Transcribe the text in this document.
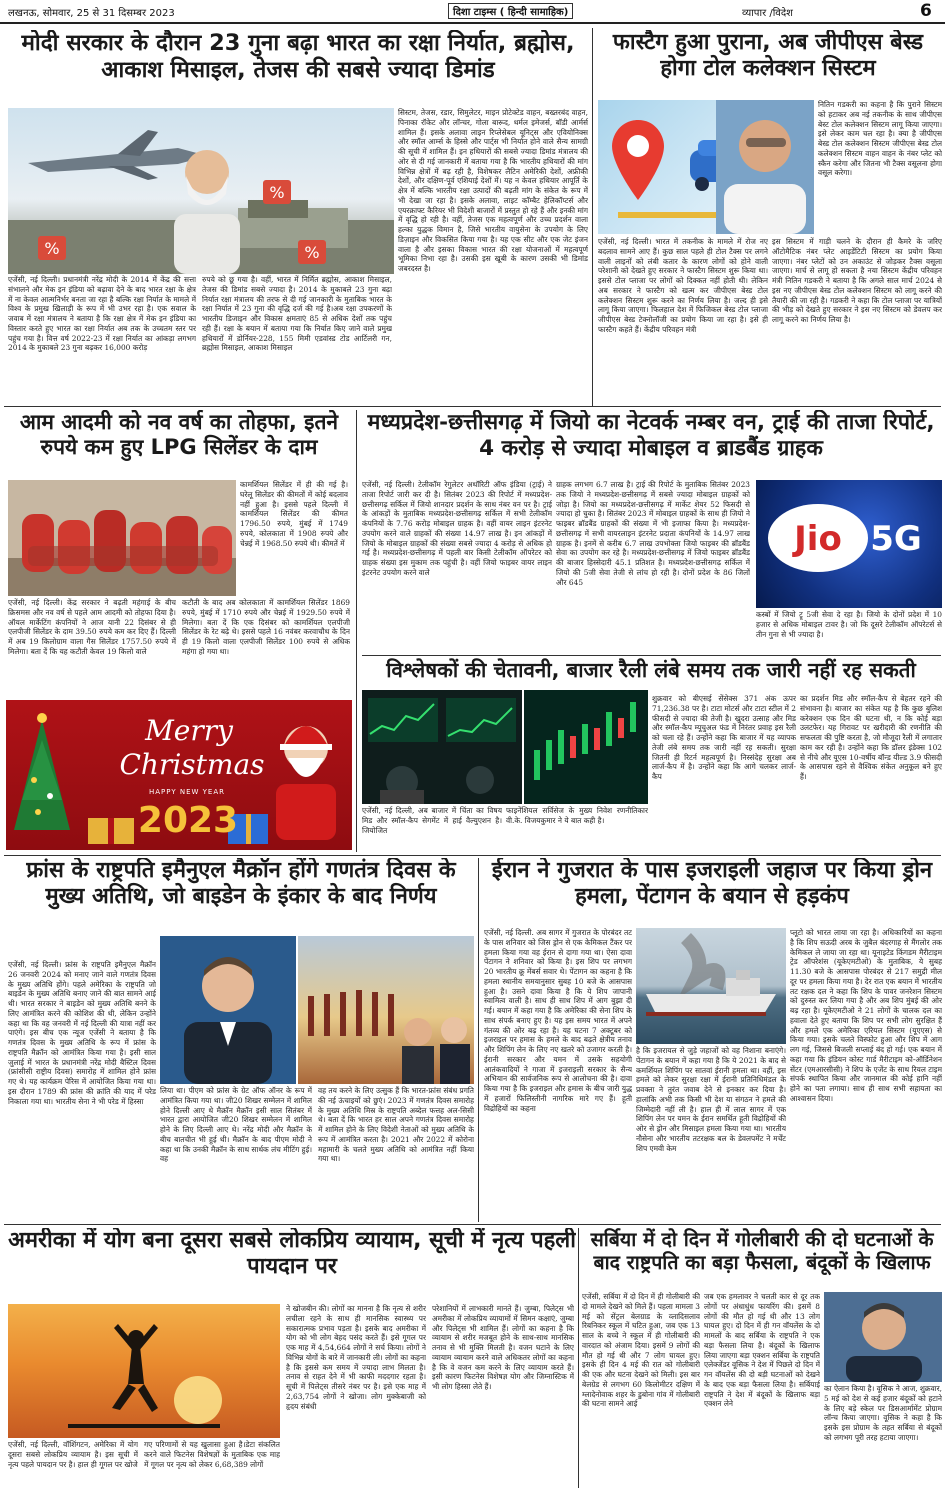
लखनऊ, सोमवार, 25 से 31 दिसम्बर 2023	दिशा टाइम्स ( हिन्दी सामाहिक)	व्यापार /विदेश	6
मोदी सरकार के दौरान 23 गुना बढ़ा भारत का रक्षा निर्यात, ब्रह्मोस, आकाश मिसाइल, तेजस की सबसे ज्यादा डिमांड
%	%
%
एजेंसी, नई दिल्ली। प्रधानमंत्री नरेंद्र मोदी के 2014 में केंद्र की सत्ता संभालने और मेक इन इंडिया को बढ़ावा देने के बाद भारत रक्षा के क्षेत्र में ना केवल आत्मनिर्भर बनता जा रहा है बल्कि रक्षा निर्यात के मामले में विश्व के प्रमुख खिलाड़ी के रूप में भी उभर रहा है। एक सवाल के जवाब में रक्षा मंत्रालय ने बताया है कि रक्षा क्षेत्र में मेक इन इंडिया का विस्तार करते हुए भारत का रक्षा निर्यात अब तक के उच्चतम स्तर पर पहुंच गया है। वित्त वर्ष 2022-23 में रक्षा निर्यात का आंकड़ा लगभग 2014 के मुकाबले 23 गुना बढ़कर 16,000 करोड़
रुपये को छू गया है। वहीं, भारत में निर्मित ब्रह्मोस, आकाश मिसाइल, तेजस की डिमांड सबसे ज्यादा है। 2014 के मुकाबले 23 गुना बढ़ा निर्यात रक्षा मंत्रालय की तरफ से दी गई जानकारी के मुताबिक भारत के रक्षा निर्यात में 23 गुना की वृद्धि दर्ज की गई है।अब रक्षा उपकरणों के भारतीय डिजाइन और विकास क्षमताएं 85 से अधिक देशों तक पहुंच रही हैं। रक्षा के बयान में बताया गया कि निर्यात किए जाने वाले प्रमुख हथियारों में डोर्नियर-228, 155 मिमी एडवांस्ड टोड आर्टिलरी गन, ब्रह्मोस मिसाइल, आकाश मिसाइल
सिस्टम, तेजस, रडार, सिमुलेटर, माइन प्रोटेक्टेड वाहन, बख्तरबंद वाहन, पिनाका रॉकेट और लॉन्चर, गोला बारूद, थर्मल इमेजर्स, बॉडी आर्मर्स शामिल हैं। इसके अलावा लाइन रिप्लेसेबल यूनिट्स और एवियोनिक्स और स्मॉल आर्म्स के हिस्से और पार्ट्स भी निर्यात होने वाले सैन्य सामग्री की सूची में शामिल हैं। इन हथियारों की सबसे ज्यादा डिमांड मंत्रालय की ओर से दी गई जानकारी में बताया गया है कि भारतीय हथियारों की मांग विभिन्न क्षेत्रों में बढ़ रही है, विशेषकर लैटिन अमेरिकी देशों, अफ्रीकी देशों, और दक्षिण-पूर्व एशियाई देशों में। यह न केवल हथियार आपूर्ति के क्षेत्र में बल्कि भारतीय रक्षा उत्पादों की बढ़ती मांग के संकेत के रूप में भी देखा जा रहा है। इसके अलावा, लाइट कॉम्बैट हेलिकॉप्टर्स और एयरक्राफ्ट कैरियर भी विदेशी बाजारों में प्रस्तुत हो रहे हैं और इनकी मांग में वृद्धि हो रही है। वहीं, तेजस एक महत्वपूर्ण और उच्च प्रदर्शन वाला हल्का युद्धक विमान है, जिसे भारतीय वायुसेना के उपयोग के लिए डिज़ाइन और विकसित किया गया है। यह एक सीट और एक जेट इंजन वाला है और इसका विकास भारत की रक्षा योजनाओं में महत्वपूर्ण भूमिका निभा रहा है। उसकी इस खूबी के कारण उसकी भी डिमांड जबरदस्त है।
फास्टैग हुआ पुराना, अब जीपीएस बेस्ड होगा टोल कलेक्शन सिस्टम
नितिन गडकरी का कहना है कि पुराने सिस्टम को हटाकर अब नई तकनीक के साथ जीपीएस बेस्ट टोल कलेक्शन सिस्टम लागू किया जाएगा। इसे लेकर काम चल रहा है। क्या है जीपीएस बेस्ड टोल कलेक्शन सिस्टम जीपीएस बेस्ड टोल कलेक्शन सिस्टम वाहन वाहन के नंबर प्लेट को स्कैन करेगा और जितना भी टैक्स वसूलना होगा वसूल करेगा।
एजेंसी, नई दिल्ली। भारत में तकनीक के मामले में रोज नए बदलाव सामने आए हैं। कुछ साल पहले ही टोल टैक्स पर लगने वाली लाइनों को लंबी कतार के कारण लोगों को होने वाली परेशानी को देखते हुए सरकार ने फास्टैग सिस्टम शुरू किया था। इससे टोल प्लाजा पर लोगों को दिक्कत नहीं होती थी। लेकिन अब सरकार ने फास्टैग को खत्म कर जीपीएस बेस्ड टोल कलेक्शन सिस्टम शुरू करने का निर्णय लिया है। जल्द ही इसे लागू किया जाएगा। फिलहाल देश में फिजिकल बेस्ड टोल प्लाजा जीपीएस बेस्ड टेक्नोलॉजी का प्रयोग किया जा रहा है। इसे ही फास्टैग कहते हैं। केंद्रीय परिवहन मंत्री
इस सिस्टम में गाड़ी चलने के दौरान ही कैमरे के जरिए ऑटोमैटिक नंबर प्लेट आइडेंटिटी सिस्टम का प्रयोग किया जाएगा। नंबर प्लेटों को उन अकाउंट से जोड़कर टैक्स वसूला जाएगा। मार्च से लागू हो सकता है नया सिस्टम केंद्रीय परिवहन मंत्री नितिन गडकरी ने बताया है कि अगले साल मार्च 2024 से इस नए जीपीएस बेस्ड टोल कलेक्शन सिस्टम को लागू करने की तैयारी की जा रही है। गडकरी ने कहा कि टोल प्लाजा पर यात्रियों की भीड़ को देखते हुए सरकार ने इस नए सिस्टम को डेवलप कर लागू करने का निर्णय लिया है।
आम आदमी को नव वर्ष का तोहफा, इतने रुपये कम हुए LPG सिलेंडर के दाम
कामर्शियल सिलेंडर में ही की गई है। घरेलू सिलेंडर की कीमतों में कोई बदलाव नहीं हुआ है। इससे पहले दिल्ली में कामर्शियल सिलेंडर की कीमत 1796.50 रुपये, मुंबई में 1749 रुपये, कोलकाता में 1908 रुपये और चेन्नई में 1968.50 रुपये थी। कीमतें में
एजेंसी, नई दिल्ली। केंद्र सरकार ने बढ़ती महंगाई के बीच क्रिसमस और नव वर्ष से पहले आम आदमी को तोहफा दिया है। ऑयल मार्केटिंग कंपनियों ने आज यानी 22 दिसंबर से ही एलपीजी सिलेंडर के दाम 39.50 रुपये कम कर दिए हैं। दिल्ली में अब 19 किलोग्राम वाला गैस सिलेंडर 1757.50 रुपये में मिलेगा। बता दें कि यह कटौती केवल 19 किलो वाले
कटौती के बाद अब कोलकाता में कामर्शियल सिलेंडर 1869 रुपये, मुंबई में 1710 रुपये और चेन्नई में 1929.50 रुपये में मिलेगा। बता दें कि एक दिसंबर को कामर्शियल एलपीजी सिलेंडर के रेट बढ़े थे। इससे पहले 16 नवंबर करवाचौथ के दिन ही 19 किलो वाला एलपीजी सिलेंडर 100 रुपये से अधिक महंगा हो गया था।
मध्यप्रदेश-छत्तीसगढ़ में जियो का नेटवर्क नम्बर वन, ट्राई की ताजा रिपोर्ट, 4 करोड़ से ज्यादा मोबाइल व ब्राडबैंड ग्राहक
एजेंसी, नई दिल्ली। टेलीकॉम रेगुलेटर अथॉरिटी ऑफ इंडिया (ट्राई) ने ताजा रिपोर्ट जारी कर दी है। सितंबर 2023 की रिपोर्ट में मध्यप्रदेश-छत्तीसगढ़ सर्किल में जियो शानदार प्रदर्शन के साथ नंबर वन पर है। ट्राई के आंकड़ों के मुताबिक मध्यप्रदेश-छत्तीसगढ़ सर्किल में सभी टेलीकॉम कंपनियों के 7.76 करोड़ मोबाइल ग्राहक है। वहीं वायर लाइन इंटरनेट उपयोग करने वाले ग्राहकों की संख्या 14.97 लाख है। इन आंकड़ों में जियो के मोबाइल ग्राहकों की संख्या सबसे ज्यादा 4 करोड़ से अधिक हो गई है। मध्यप्रदेश-छत्तीसगढ़ में पहली बार किसी टेलीकॉम ऑपरेटर को ग्राहक संख्या इस मुकाम तक पहुंची है। वहीं जियो फाइबर वायर लाइन इंटरनेट उपयोग करने वाले
ग्राहक लगभग 6.7 लाख है। ट्राई की रिपोर्ट के मुताबिक सितंबर 2023 तक जियो ने मध्यप्रदेश-छत्तीसगढ़ में सबसे ज्यादा मोबाइल ग्राहकों को जोड़ा है। जियो का मध्यप्रदेश-छत्तीसगढ़ में मार्केट शेयर 52 फिसदी से ज्यादा हो चुका है। सितंबर 2023 में मोबाइल ग्राहकों के साथ ही जियो ने फाइबर ब्रॉडबैंड ग्राहकों की संख्या में भी इजाफा किया है। मध्यप्रदेश-छत्तीसगढ़ में सभी वायरलाइन इंटरनेट प्रदाता कंपनियों के 14.97 लाख ग्राहक है। इनमें से करीब 6.7 लाख उपभोक्ता जियो फाइबर की ब्रॉडबैंड सेवा का उपयोग कर रहे है। मध्यप्रदेश-छत्तीसगढ़ में जियो फाइबर ब्रॉडबैंड की बाजार हिस्सेदारी 45.1 प्रतिशत है। मध्यप्रदेश-छत्तीसगढ़ सर्किल में जियो की 5जी सेवा तेजी से लांच हो रही है। दोनों प्रदेश के 86 जिलों और 645
Jio 5G
कस्बों में जियो ट्रू 5जी सेवा दे रहा है। जियो के दोनों प्रदेश में 10 हजार से अधिक मोबाइल टावर है। जो कि दूसरे टेलीकॉम ऑपरेटर्स से तीन गुना से भी ज्यादा है।
विश्लेषकों की चेतावनी, बाजार रैली लंबे समय तक जारी नहीं रह सकती
शुक्रवार को बीएसई सेंसेक्स 371 अंक ऊपर 71,236.38 पर है। टाटा मोटर्स और टाटा स्टील में 2 फीसदी से ज्यादा की तेजी है। खुदरा उत्साह और मिड और स्मॉल-कैप म्यूचुअल फंड में निरंतर प्रवाह इस रैली को चला रहे हैं। उन्होंने कहा कि बाजार में यह व्यापक तेजी लंबे समय तक जारी नहीं रह सकती। सुरक्षा जितनी ही रिटर्न महत्वपूर्ण है। निस्संदेह सुरक्षा अब लार्ज-कैप में है। उन्होंने कहा कि आगे चलकर लार्ज-कैप
का प्रदर्शन मिड और स्मॉल-कैप से बेहतर रहने की संभावना है। बाजार का संकेत यह है कि कुछ बुलिश करेक्शन एक दिन की घटना थी, न कि कोई बड़ा उलटफेर। यह गिरावट पर खरीदारी की रणनीति की सफलता की पुष्टि करता है, जो मौजूदा रैली में लगातार काम कर रही है। उन्होंने कहा कि डॉलर इंडेक्स 102 से नीचे और यूएस 10-वर्षीय बॉन्ड यील्ड 3.9 फीसदी के आसपास रहने से वैश्विक संकेत अनुकूल बने हुए हैं।
एजेंसी, नई दिल्ली, अब बाजार में चिंता का विषय मिड और स्मॉल-कैप सेगमेंट में हाई वैल्युएशन है। जियोजित
फाइनेंशियल सर्विसेज के मुख्य निवेश रणनीतिकार वी.के. विजयकुमार ने ये बात कही है।
Merry
Christmas
HAPPY NEW YEAR
2023
फ्रांस के राष्ट्रपति इमैनुएल मैक्रॉन होंगे गणतंत्र दिवस के मुख्य अतिथि, जो बाइडेन के इंकार के बाद निर्णय
एजेंसी, नई दिल्ली। फ्रांस के राष्ट्रपति इमैनुएल मैक्रॉन 26 जनवरी 2024 को मनाए जाने वाले गणतंत्र दिवस के मुख्य अतिथि होंगे। पहले अमेरिका के राष्ट्रपति जो बाइडेन के मुख्य अतिथि बनाए जाने की बात सामने आई थी। भारत सरकार ने बाइडेन को मुख्य अतिथि बनने के लिए आमंत्रित करने की कोशिश की थी, लेकिन उन्होंने कहा था कि वह जनवरी में नई दिल्ली की यात्रा नहीं कर पाएंगे। इस बीच एक न्यूज एजेंसी ने बताया है कि गणतंत्र दिवस के मुख्य अतिथि के रूप में फ्रांस के राष्ट्रपति मैक्रॉन को आमंत्रित किया गया है। इसी साल जुलाई में भारत के प्रधानमंत्री नरेंद्र मोदी बैस्टिल दिवस (फ्रांसीसी राष्ट्रीय दिवस) समारोह में शामिल होने फ्रांस गए थे। यह कार्यक्रम पेरिस में आयोजित किया गया था। इस दौरान 1789 की फ्रांस की क्रांति की याद में परेड निकाला गया था। भारतीय सेना ने भी परेड में हिस्सा
लिया था। पीएम को फ्रांस के ग्रेट ऑफ ऑनर के रूप में आमंत्रित किया गया था। जी20 शिखर सम्मेलन में शामिल होने दिल्ली आए थे मैक्रॉन मैक्रॉन इसी साल सितंबर में भारत द्वारा आयोजित जी20 शिखर सम्मेलन में शामिल होने के लिए दिल्ली आए थे। नरेंद्र मोदी और मैक्रॉन के बीच बातचीत भी हुई थी। मैक्रॉन के बाद पीएम मोदी ने कहा था कि उनकी मैक्रॉन के साथ सार्थक लंच मीटिंग हुई। वह
वह तय करने के लिए उत्सुक हैं कि भारत-फ्रांस संबंध प्रगति की नई ऊंचाइयों को छुएं। 2023 में गणतंत्र दिवस समारोह के मुख्य अतिथि मिस्र के राष्ट्रपति अब्देल फत्तह अल-सिसी थे। बता दें कि भारत हर साल अपने गणतंत्र दिवस समारोह में शामिल होने के लिए विदेशी नेताओं को मुख्य अतिथि के रूप में आमंत्रित करता है। 2021 और 2022 में कोरोना महामारी के चलते मुख्य अतिथि को आमंत्रित नहीं किया गया था।
ईरान ने गुजरात के पास इजराइली जहाज पर किया ड्रोन हमला, पेंटागन के बयान से हड़कंप
एजेंसी, नई दिल्ली. अब सागर में गुजरात के पोरबंदर तट के पास शनिवार को जिस ड्रोन से एक केमिकल टैंकर पर हमला किया गया वह ईरान से दागा गया था। ऐसा दावा पेंटागन ने शनिवार को किया है। इस शिप पर लगभग 20 भारतीय क्रू मेंबर्स सवार थे। पेंटागन का कहना है कि हमला स्थानीय समयानुसार सुबह 10 बजे के आसपास हुआ है। उसने दावा किया है कि ये शिप जापानी स्वामित्व वाली है। साथ ही साथ शिप में आग बुझा दी गई। बयान में कहा गया है कि अमेरिका की सेना शिप के साथ संपर्क बनाए हुए है। यह इस समय भारत में अपने गंतव्य की ओर बढ़ रहा है। यह घटना 7 अक्टूबर को इजराइल पर हमास के हमले के बाद बढ़ते क्षेत्रीय तनाव और शिपिंग लेन के लिए नए खतरे को उजागर करती है। ईरानी सरकार और यमन में उसके सहयोगी आतंकवादियों ने गाजा में इजराइली सरकार के सैन्य अभियान की सार्वजनिक रूप से आलोचना की है। दावा किया गया है कि इजराइल और हमास के बीच जारी युद्ध में हजारों फिलिस्तीनी नागरिक मारे गए हैं। हूती विद्रोहियों का कहना
है कि इजरायल से जुड़े जहाजों को वह निशाना बनाएंगे। पेंटागन के बयान में कहा गया है कि ये 2021 के बाद से कमर्शियल शिपिंग पर सातवां ईरानी हमला था। वहीं, इस हमले को लेकर सुरक्षा रक्षा में ईरानी प्रतिनिधिमंडल के प्रवक्ता ने तुरंत जवाब देने से इनकार कर दिया है। हालांकि अभी तक किसी भी देश या संगठन ने हमले की जिम्मेदारी नहीं ली है। हाल ही में लाल सागर में एक शिपिंग लेन पर यमन के ईरान समर्थित हूती विद्रोहियों की ओर से ड्रोन और मिसाइल हमला किया गया था। भारतीय नौसेना और भारतीय तटरक्षक बल के डेवलपमेंट ने मर्चेंट शिप एमवी केम
प्लूटो को भारत लाया जा रहा है। अधिकारियों का कहना है कि शिप सऊदी अरब के जुबैल बंदरगाह से मैंगलोर तक केमिकल ले जाया जा रहा था। यूनाइटेड किंगडम मैरीटाइम ट्रेड ऑपरेशंस (यूकेएमटीओ) के मुताबिक, ये सुबह 11.30 बजे के आसपास पोरबंदर से 217 समुद्री मील दूर पर हमला किया गया है। देर रात एक बयान में भारतीय तट रक्षक दल ने कहा कि शिप के पावर जनरेशन सिस्टम को दुरुस्त कर लिया गया है और अब शिप मुंबई की ओर बढ़ रहा है। यूकेएमटीओ ने 21 लोगों के चालक दल का हवाला देते हुए बताया कि शिप पर सभी लोग सुरक्षित हैं और हमले एक अमेरिका एरियल सिस्टम (यूएएस) से किया गया। इसके चलते विस्फोट हुआ और शिप में आग लग गई, जिससे बिजली सप्लाई बंद हो गई। एक बयान में कहा गया कि इंडियन कोस्ट गार्ड मैरीटाइम को-ऑर्डिनेशन सेंटर (एमआरसीसी) ने शिप के एजेंट के साथ रियल टाइम संपर्क स्थापित किया और जानमाल की कोई हानि नहीं होने का पता लगाया। साथ ही साथ सभी सहायता का आश्वासन दिया।
अमरीका में योग बना दूसरा सबसे लोकप्रिय व्यायाम, सूची में नृत्य पहली पायदान पर
एजेंसी, नई दिल्ली, वॉशिंगटन, अमेरिका में योग दूसरा सबसे लोकप्रिय व्यायाम है। इस सूची में नृत्य पहले पायदान पर है। हाल ही गूगल पर खोजे
गए परिणामों से यह खुलासा हुआ है।डेटा संकलित करने वाले फिटनेस विशेषज्ञों के मुताबिक एक माह में गूगल पर नृत्य को लेकर 6,68,389 लोगों
ने खोजबीन की। लोगों का मानना है कि नृत्य से शरीर लचीला रहने के साथ ही मानसिक स्वास्थ्य पर सकारात्मक प्रभाव पड़ता है। इसके बाद अमरीका में योग को भी लोग बेहद पसंद करते हैं। इसे गूगल पर एक माह में 4,54,664 लोगों ने सर्च किया। लोगों ने विभिन्न योगों के बारे में जानकारी ली। लोगों का कहना है कि इससे कम समय में ज्यादा लाभ मिलता है। तनाव से राहत देने में भी काफी मददगार रहता है। सूची में पिलेट्स तीसरे नंबर पर है। इसे एक माह में 2,63,754 लोगों ने खोजा। लोग मुक्केबाजी को हृदय संबंधी
परेशानियों में लाभकारी मानते हैं। जुम्बा, पिलेट्स भी अमरीका में लोकप्रिय व्यायामों में सिमन कक्षाएं, जुम्बा और पिलेट्स भी शामिल हैं। लोगों का कहना है कि व्यायाम से शरीर मजबूत होने के साथ-साथ मानसिक तनाव से भी मुक्ति मिलती है। वजन घटाने के लिए व्यायाम व्यायाम करने वाले अधिकतर लोगों का कहना है कि वे वजन कम करने के लिए व्यायाम करते हैं। इसी कारण फिटनेस विशेषज्ञ योग और जिम्नास्टिक में भी लोग हिस्सा लेते हैं।
सर्बिया में दो दिन में गोलीबारी की दो घटनाओं के बाद राष्ट्रपति का बड़ा फैसला, बंदूकों के खिलाफ
एजेंसी, सर्बिया में दो दिन में ही गोलीबारी की दो मामले देखने को मिले हैं। पहला मामला 3 मई को सेंट्रल बेलग्राड के व्लादिसलाव रिबनिकर स्कूल में घटित हुआ, जब एक 13 साल के बच्चे ने स्कूल में ही गोलीबारी की वारदात को अंजाम दिया। इसमें 9 लोगों की मौत हो गई थी और 7 लोग घायल हुए। इसके ही दिन 4 मई की रात को गोलीबारी की एक और घटना देखने को मिली। इस बार बेलग्रेड से लगभग 60 किलोमीटर दक्षिण में म्लादेनोवाक शहर के डुबोना गांव में गोलीबारी की घटना सामने आई
जब एक हमलावर ने चलती कार से दूर तक लोगों पर अंधाधुंध फायरिंग की। इसमें 8 लोगों की मौत हो गई थी और 13 लोग घायल हुए। दो दिन में ही गन वॉयलेंस के दो मामलों के बाद सर्बिया के राष्ट्रपति ने एक बड़ा फैसला लिया है। बंदूकों के खिलाफ लिया जाएगा बड़ा एक्शन सर्बिया के राष्ट्रपति एलेक्जेंडर वूसिक ने देश में पिछले दो दिन में गन वॉयलेंस की दो बड़ी घटनाओं को देखने के बाद एक बड़ा फैसला लिया है। सर्बियाई राष्ट्रपति ने देश में बंदूकों के खिलाफ बड़ा एक्शन लेने
का ऐलान किया है। वूसिक ने आज, शुक्रवार, 5 मई को देश से कई हजार बंदूकों को हटाने के लिए बड़े स्केल पर डिसआर्मामेंट प्रोग्राम लॉन्च किया जाएगा। वूसिक ने कहा है कि इसके इस प्रोग्राम के तहत सर्बिया से बंदूकों को लगभग पूरी तरह हटाया जाएगा।
